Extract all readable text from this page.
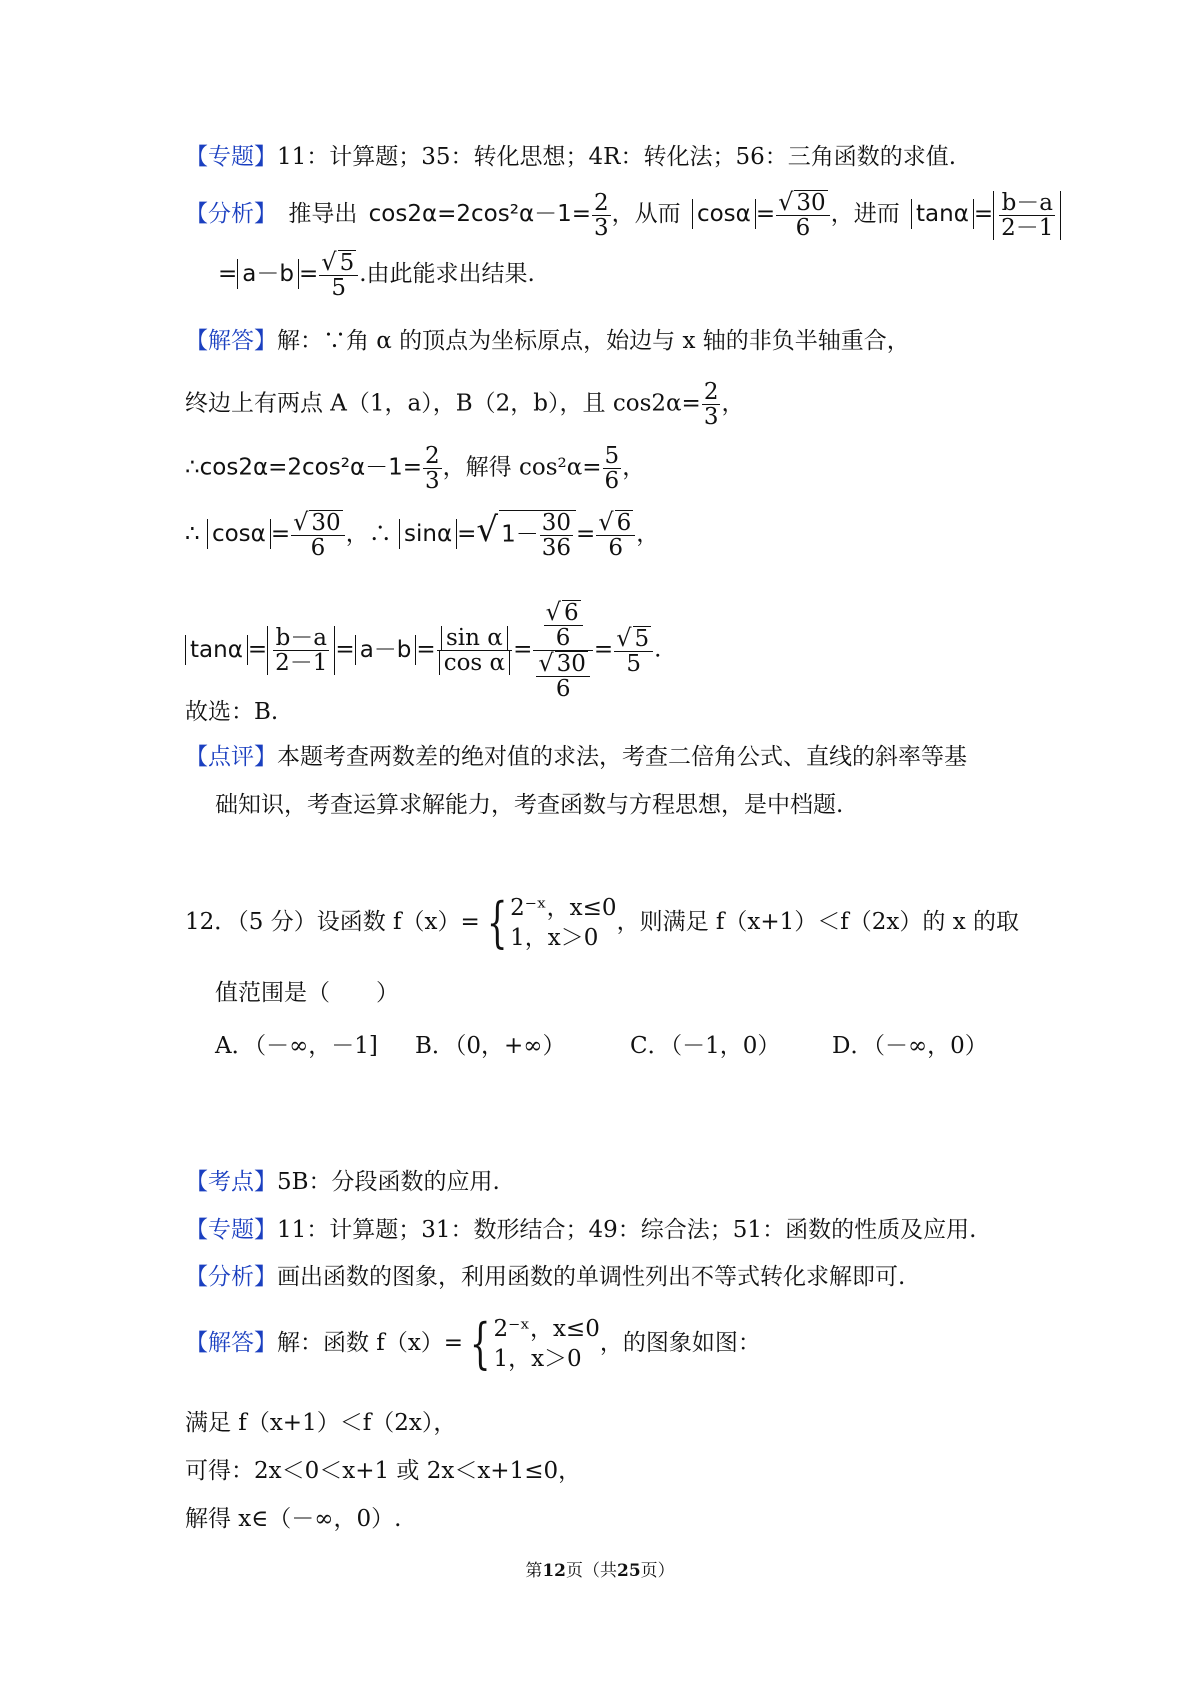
【专题】11：计算题；35：转化思想；4R：转化法；56：三角函数的求值.
【分析】 推导出 $\cos 2\alpha=2\cos^2\alpha-1= \frac{2}{3}$ ，从而 $\cos\alpha = \frac{√ 30}{6}$ ，进而 $\tan\alpha = \frac{b-a}{2-1}$
= $a-b = \frac{√ 5}{5}$ .由此能求出结果.
【解答】解：∵角 α 的顶点为坐标原点，始边与 x 轴的非负半轴重合，
终边上有两点 A（1，a），B（2，b），且 $\cos 2\alpha= \frac{2}{3}$ ，
∴cos2α=2cos²α－1= $\frac{2}{3}$ ，解得 $\cos^2\alpha= \frac{5}{6}$ ，
∴ $\cos\alpha = \frac{√ 30}{6}$ ，∴ sinα =√ $1- \frac{30}{36} = \frac{√ 6}{6}$ ，
$\tan\alpha = \frac{b-a}{2-1} = a-b = \frac{\text{sin α}}{\text{cos α}} = \frac{\frac{√ 6}{6}}{\frac{√ 30}{6}} = \frac{√ 5}{5}$ .
故选：B.
【点评】本题考查两数差的绝对值的求法，考查二倍角公式、直线的斜率等基
础知识，考查运算求解能力，考查函数与方程思想，是中档题.
12．（5 分）设函数 f（x）= { 2⁻ˣ，x≤0
1，x＞0
，则满足 f（x+1）＜f（2x）的 x 的取
值范围是（　　）
A．（－∞，－1] B．（0，+∞）	C．（－1，0） D．（－∞，0）
【考点】5B：分段函数的应用.
【专题】11：计算题；31：数形结合；49：综合法；51：函数的性质及应用.
【分析】画出函数的图象，利用函数的单调性列出不等式转化求解即可.
【解答】解：函数 f（x）= { 2⁻ˣ，x≤0
1，x＞0
，的图象如图：
满足 f（x+1）＜f（2x），
可得：2x＜0＜x+1 或 2x＜x+1≤0，
解得 x∈（－∞，0）.
第12页（共25页）
